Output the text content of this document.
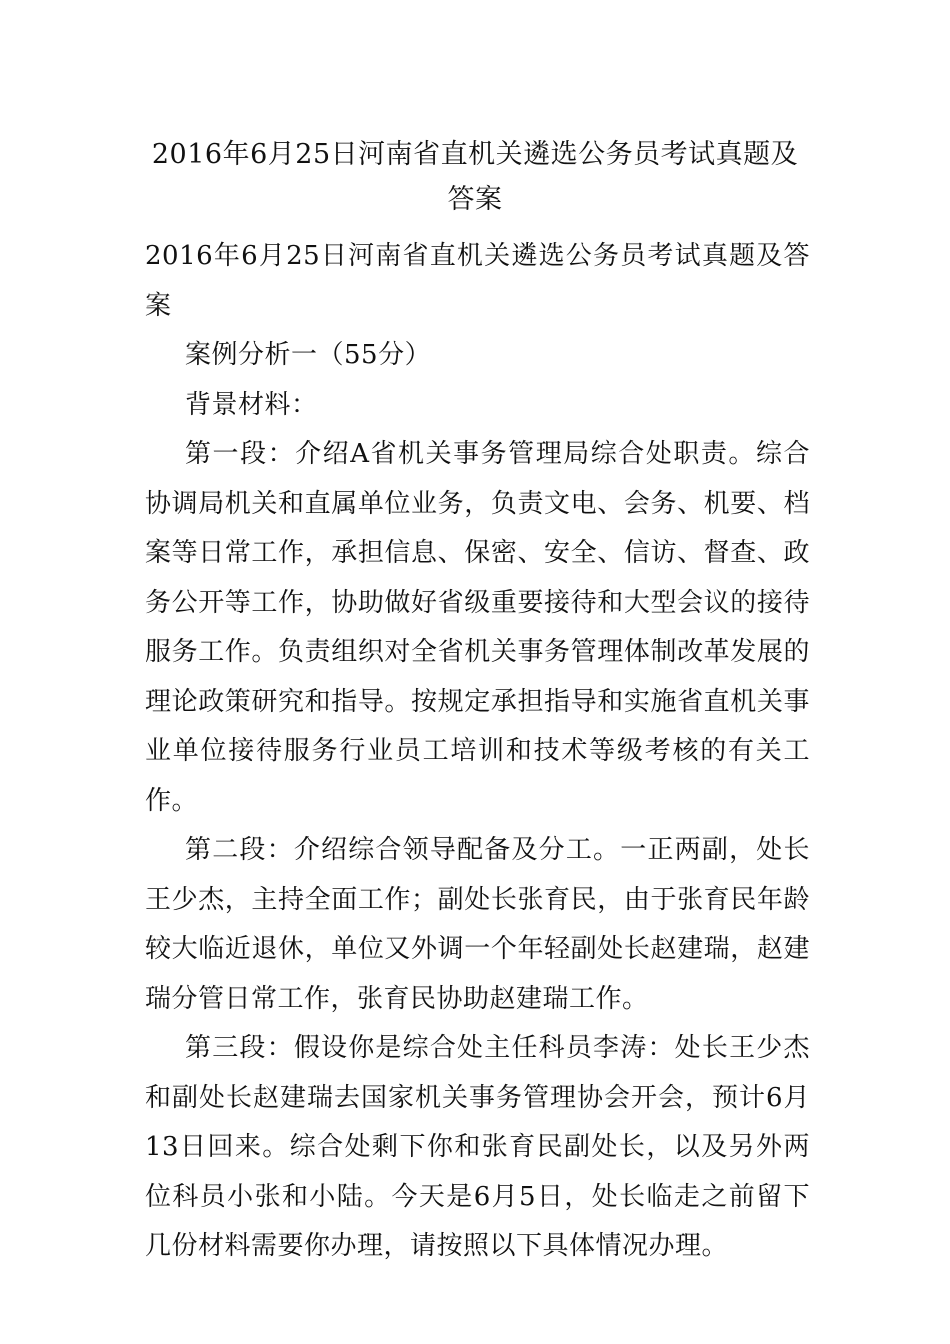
2016年6月25日河南省直机关遴选公务员考试真题及答案

2016年6月25日河南省直机关遴选公务员考试真题及答案

案例分析一（55分）

背景材料：

第一段：介绍A省机关事务管理局综合处职责。综合协调局机关和直属单位业务，负责文电、会务、机要、档案等日常工作，承担信息、保密、安全、信访、督查、政务公开等工作，协助做好省级重要接待和大型会议的接待服务工作。负责组织对全省机关事务管理体制改革发展的理论政策研究和指导。按规定承担指导和实施省直机关事业单位接待服务行业员工培训和技术等级考核的有关工作。

第二段：介绍综合领导配备及分工。一正两副，处长王少杰，主持全面工作；副处长张育民，由于张育民年龄较大临近退休，单位又外调一个年轻副处长赵建瑞，赵建瑞分管日常工作，张育民协助赵建瑞工作。

第三段：假设你是综合处主任科员李涛：处长王少杰和副处长赵建瑞去国家机关事务管理协会开会，预计6月13日回来。综合处剩下你和张育民副处长，以及另外两位科员小张和小陆。今天是6月5日，处长临走之前留下几份材料需要你办理，请按照以下具体情况办理。
